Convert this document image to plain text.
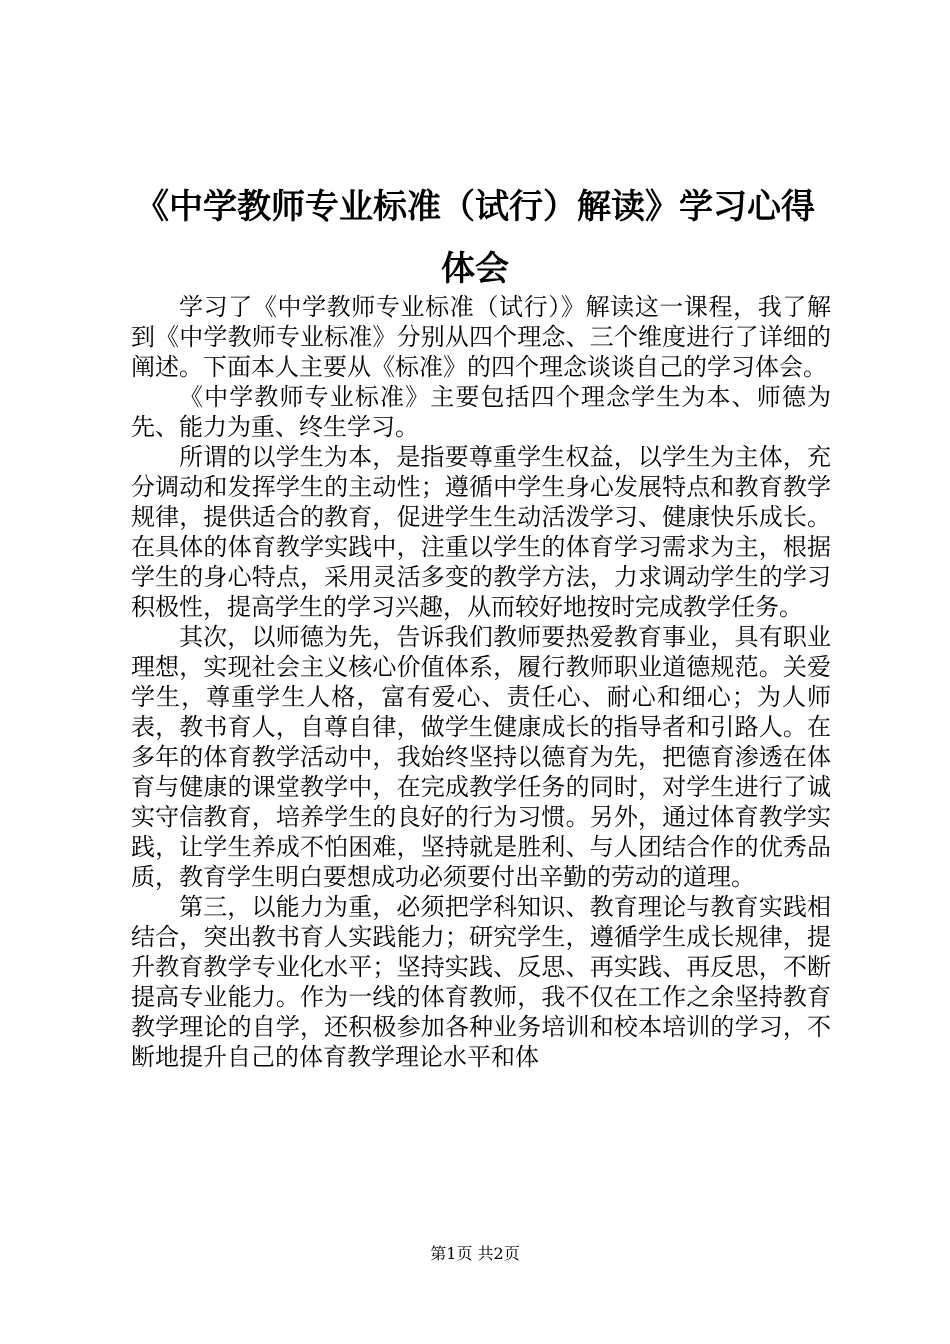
《中学教师专业标准（试行）解读》学习心得体会

学习了《中学教师专业标准（试行）》解读这一课程，我了解到《中学教师专业标准》分别从四个理念、三个维度进行了详细的阐述。下面本人主要从《标准》的四个理念谈谈自己的学习体会。

《中学教师专业标准》主要包括四个理念学生为本、师德为先、能力为重、终生学习。

所谓的以学生为本，是指要尊重学生权益，以学生为主体，充分调动和发挥学生的主动性；遵循中学生身心发展特点和教育教学规律，提供适合的教育，促进学生生动活泼学习、健康快乐成长。在具体的体育教学实践中，注重以学生的体育学习需求为主，根据学生的身心特点，采用灵活多变的教学方法，力求调动学生的学习积极性，提高学生的学习兴趣，从而较好地按时完成教学任务。

其次，以师德为先，告诉我们教师要热爱教育事业，具有职业理想，实现社会主义核心价值体系，履行教师职业道德规范。关爱学生，尊重学生人格，富有爱心、责任心、耐心和细心；为人师表，教书育人，自尊自律，做学生健康成长的指导者和引路人。在多年的体育教学活动中，我始终坚持以德育为先，把德育渗透在体育与健康的课堂教学中，在完成教学任务的同时，对学生进行了诚实守信教育，培养学生的良好的行为习惯。另外，通过体育教学实践，让学生养成不怕困难，坚持就是胜利、与人团结合作的优秀品质，教育学生明白要想成功必须要付出辛勤的劳动的道理。

第三，以能力为重，必须把学科知识、教育理论与教育实践相结合，突出教书育人实践能力；研究学生，遵循学生成长规律，提升教育教学专业化水平；坚持实践、反思、再实践、再反思，不断提高专业能力。作为一线的体育教师，我不仅在工作之余坚持教育教学理论的自学，还积极参加各种业务培训和校本培训的学习，不断地提升自己的体育教学理论水平和体

第1页 共2页
